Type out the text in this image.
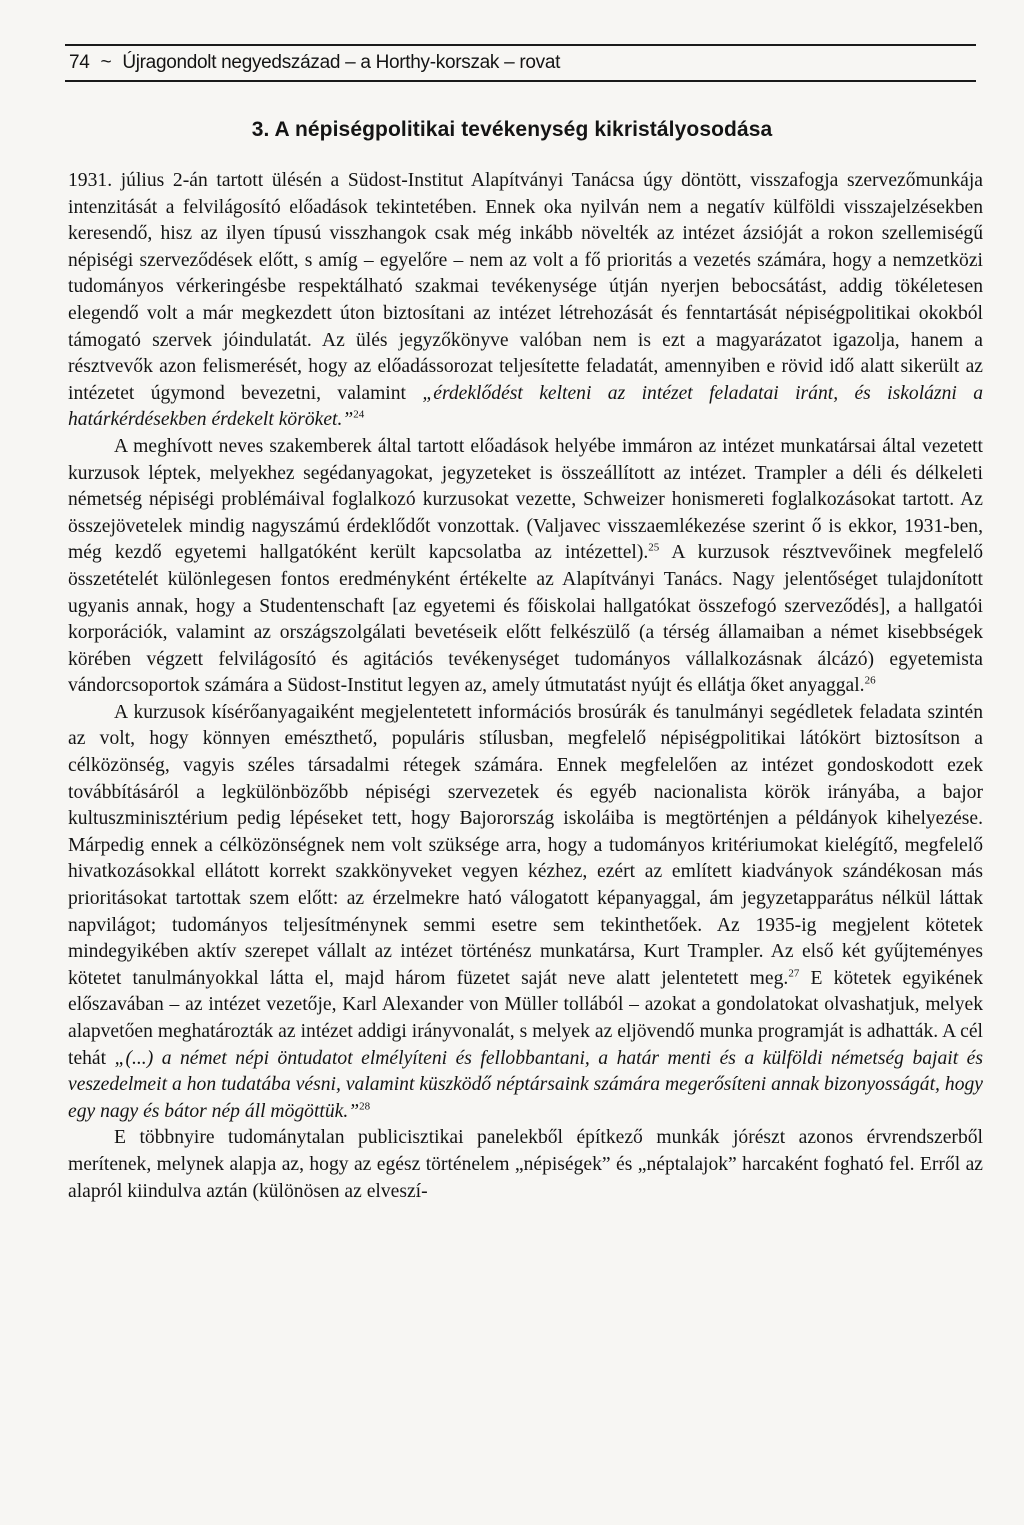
74 ~ Újragondolt negyedszázad – a Horthy-korszak – rovat
3. A népiségpolitikai tevékenység kikristályosodása

1931. július 2-án tartott ülésén a Südost-Institut Alapítványi Tanácsa úgy döntött, visszafogja szervezőmunkája intenzitását a felvilágosító előadások tekintetében. Ennek oka nyilván nem a negatív külföldi visszajelzésekben keresendő, hisz az ilyen típusú visszhangok csak még inkább növelték az intézet ázsióját a rokon szellemiségű népiségi szerveződések előtt, s amíg – egyelőre – nem az volt a fő prioritás a vezetés számára, hogy a nemzetközi tudományos vérkeringésbe respektálható szakmai tevékenysége útján nyerjen bebocsátást, addig tökéletesen elegendő volt a már megkezdett úton biztosítani az intézet létrehozását és fenntartását népiségpolitikai okokból támogató szervek jóindulatát. Az ülés jegyzőkönyve valóban nem is ezt a magyarázatot igazolja, hanem a résztvevők azon felismerését, hogy az előadássorozat teljesítette feladatát, amennyiben e rövid idő alatt sikerült az intézetet úgymond bevezetni, valamint „érdeklődést kelteni az intézet feladatai iránt, és iskolázni a határkérdésekben érdekelt köröket.”$^{24}$

A meghívott neves szakemberek által tartott előadások helyébe immáron az intézet munkatársai által vezetett kurzusok léptek, melyekhez segédanyagokat, jegyzeteket is összeállított az intézet. Trampler a déli és délkeleti németség népiségi problémáival foglalkozó kurzusokat vezette, Schweizer honismereti foglalkozásokat tartott. Az összejövetelek mindig nagyszámú érdeklődőt vonzottak. (Valjavec visszaemlékezése szerint ő is ekkor, 1931-ben, még kezdő egyetemi hallgatóként került kapcsolatba az intézettel).$^{25}$ A kurzusok résztvevőinek megfelelő összetételét különlegesen fontos eredményként értékelte az Alapítványi Tanács. Nagy jelentőséget tulajdonított ugyanis annak, hogy a Studentenschaft [az egyetemi és főiskolai hallgatókat összefogó szerveződés], a hallgatói korporációk, valamint az országszolgálati bevetéseik előtt felkészülő (a térség államaiban a német kisebbségek körében végzett felvilágosító és agitációs tevékenységet tudományos vállalkozásnak álcázó) egyetemista vándorcsoportok számára a Südost-Institut legyen az, amely útmutatást nyújt és ellátja őket anyaggal.$^{26}$

A kurzusok kísérőanyagaiként megjelentetett információs brosúrák és tanulmányi segédletek feladata szintén az volt, hogy könnyen emészthető, populáris stílusban, megfelelő népiségpolitikai látókört biztosítson a célközönség, vagyis széles társadalmi rétegek számára. Ennek megfelelően az intézet gondoskodott ezek továbbításáról a legkülönbözőbb népiségi szervezetek és egyéb nacionalista körök irányába, a bajor kultuszminisztérium pedig lépéseket tett, hogy Bajorország iskoláiba is megtörténjen a példányok kihelyezése. Márpedig ennek a célközönségnek nem volt szüksége arra, hogy a tudományos kritériumokat kielégítő, megfelelő hivatkozásokkal ellátott korrekt szakkönyveket vegyen kézhez, ezért az említett kiadványok szándékosan más prioritásokat tartottak szem előtt: az érzelmekre ható válogatott képanyaggal, ám jegyzetapparátus nélkül láttak napvilágot; tudományos teljesítménynek semmi esetre sem tekinthetőek. Az 1935-ig megjelent kötetek mindegyikében aktív szerepet vállalt az intézet történész munkatársa, Kurt Trampler. Az első két gyűjteményes kötetet tanulmányokkal látta el, majd három füzetet saját neve alatt jelentetett meg.$^{27}$ E kötetek egyikének előszavában – az intézet vezetője, Karl Alexander von Müller tollából – azokat a gondolatokat olvashatjuk, melyek alapvetően meghatározták az intézet addigi irányvonalát, s melyek az eljövendő munka programját is adhatták. A cél tehát „(...) a német népi öntudatot elmélyíteni és fellobbantani, a határ menti és a külföldi németség bajait és veszedelmeit a hon tudatába vésni, valamint küszködő néptársaink számára megerősíteni annak bizonyosságát, hogy egy nagy és bátor nép áll mögöttük.”$^{28}$

E többnyire tudománytalan publicisztikai panelekből építkező munkák jórészt azonos érvrendszerből merítenek, melynek alapja az, hogy az egész történelem „népiségek” és „néptalajok” harcaként fogható fel. Erről az alapról kiindulva aztán (különösen az elveszí-
